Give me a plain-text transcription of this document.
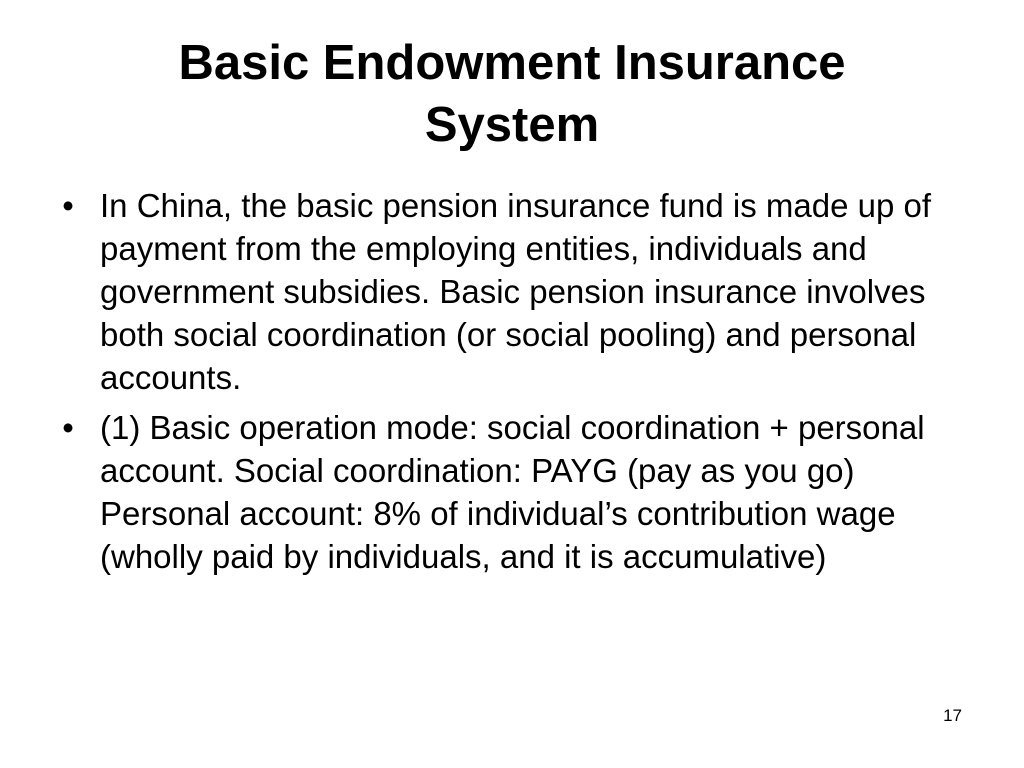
Basic Endowment Insurance
System
• In China, the basic pension insurance fund is made up of payment from the employing entities, individuals and government subsidies. Basic pension insurance involves both social coordination (or social pooling) and personal accounts.
• (1) Basic operation mode: social coordination + personal account. Social coordination: PAYG (pay as you go) Personal account: 8% of individual’s contribution wage (wholly paid by individuals, and it is accumulative)
17
